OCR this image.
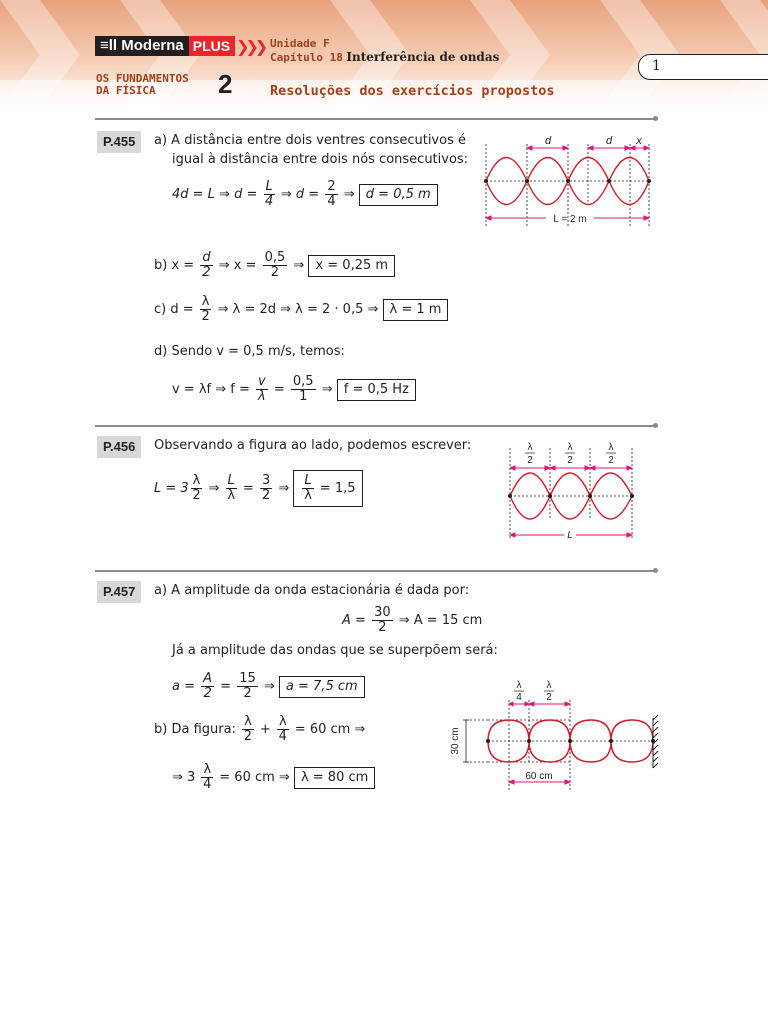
≡ll Moderna PLUS ❯❯❯
OS FUNDAMENTOS
DA FÍSICA	2
Unidade F
Capítulo 18 Interferência de ondas
Resoluções dos exercícios propostos
1
P.455	a) A distância entre dois ventres consecutivos é
igual à distância entre dois nós consecutivos:
4d = L ⇒ $d = \frac{L}{4}$ ⇒ $d = \frac{2}{4}$ ⇒ d = 0,5 m
b) $x = \frac{d}{2}$ ⇒ $x = \frac{0,5}{2}$ ⇒ x = 0,25 m
c) $d = \frac{\lambda}{2}$ ⇒ λ = 2d ⇒ λ = 2 · 0,5 ⇒ λ = 1 m
d) Sendo v = 0,5 m/s, temos:
v = λf ⇒ $f = \frac{v}{\lambda} = \frac{0,5}{1}$ ⇒ f = 0,5 Hz
d	d x
L = 2 m
P.456	Observando a figura ao lado, podemos escrever:
$L = 3 \frac{\lambda}{2}$ ⇒ $\frac{L}{\lambda} = \frac{3}{2}$ ⇒ $\frac{L}{\lambda} = 1,5$
λ
2
λ
2
λ
2
L
P.457	a) A amplitude da onda estacionária é dada por:
$A = \frac{30}{2}$ ⇒ A = 15 cm
Já a amplitude das ondas que se superpõem será:
$a = \frac{A}{2} = \frac{15}{2}$ ⇒ a = 7,5 cm
b) Da figura: $\frac{\lambda}{2} + \frac{\lambda}{4} = 60$ cm ⇒
⇒ $3 \frac{\lambda}{4} = 60$ cm ⇒ λ = 80 cm
λ
4
λ
2
60 cm
30 cm
